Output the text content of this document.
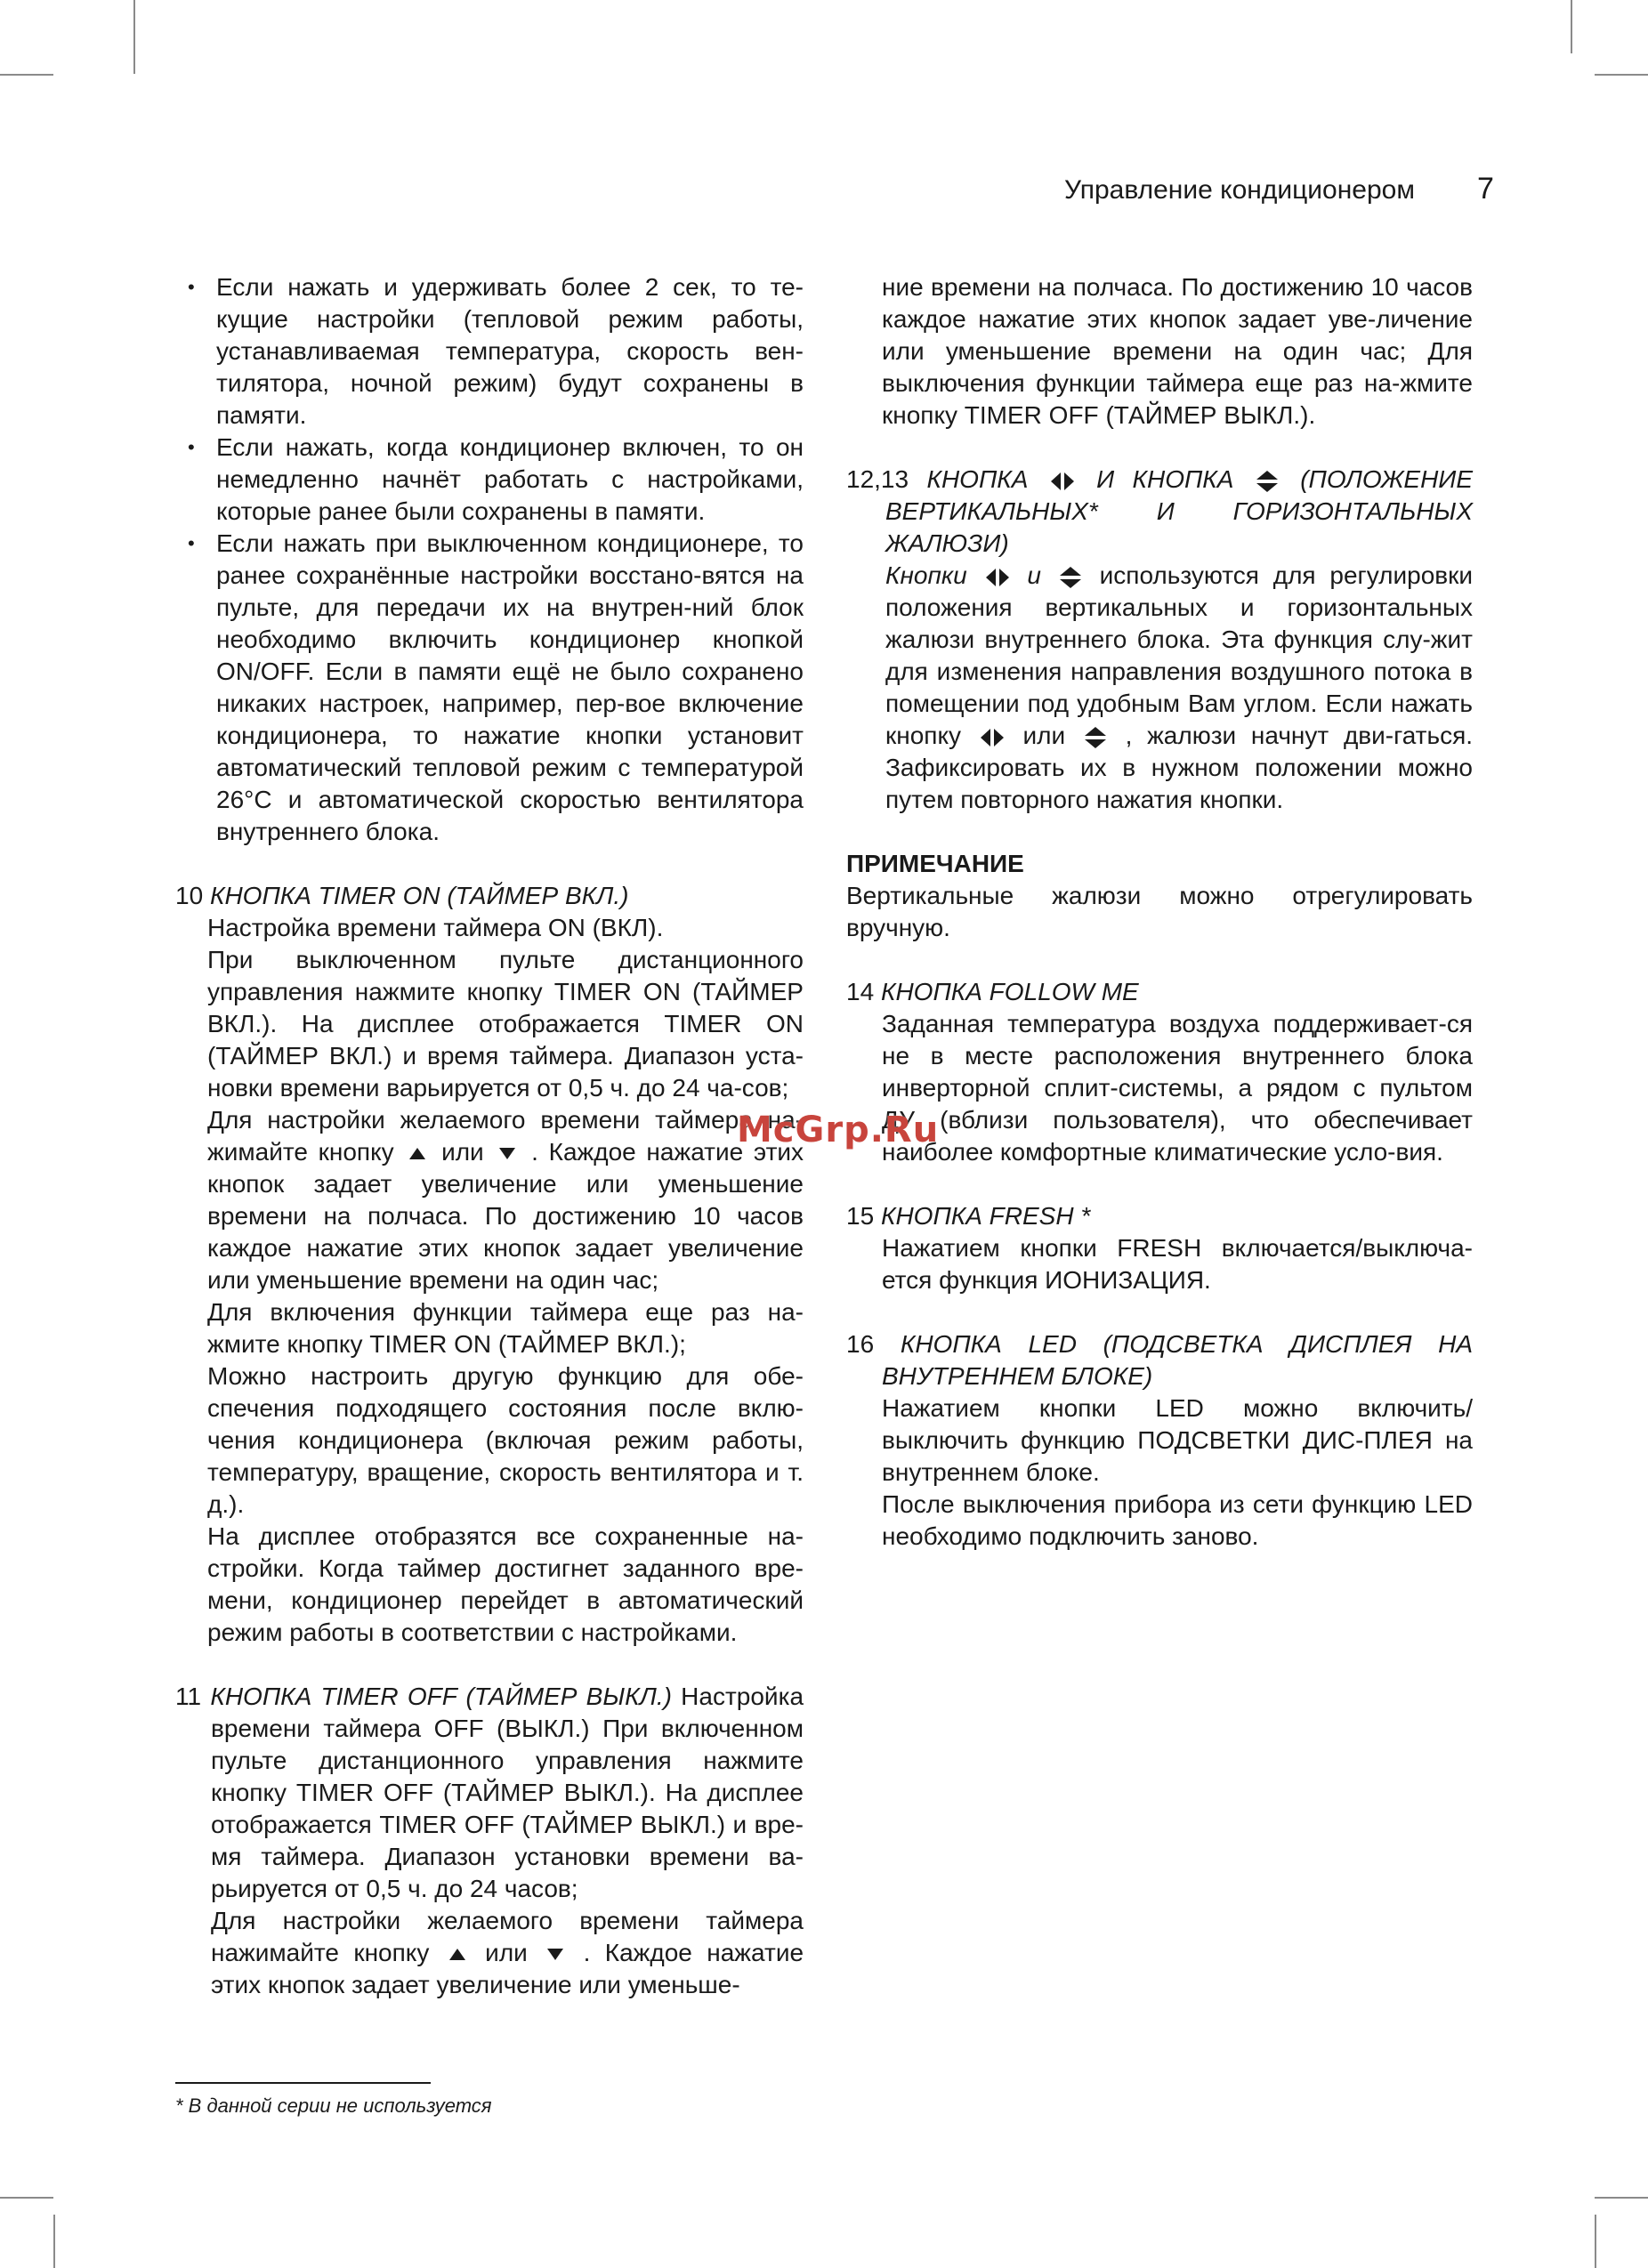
Управление кондиционером 7
• Если нажать и удерживать более 2 сек, то те-кущие настройки (тепловой режим работы, устанавливаемая температура, скорость вен-тилятора, ночной режим) будут сохранены в памяти.
• Если нажать, когда кондиционер включен, то он немедленно начнёт работать с настройками, которые ранее были сохранены в памяти.
• Если нажать при выключенном кондиционере, то ранее сохранённые настройки восстано-вятся на пульте, для передачи их на внутрен-ний блок необходимо включить кондиционер кнопкой ON/OFF. Если в памяти ещё не было сохранено никаких настроек, например, пер-вое включение кондиционера, то нажатие кнопки установит автоматический тепловой режим с температурой 26°C и автоматической скоростью вентилятора внутреннего блока.
10 КНОПКА TIMER ON (ТАЙМЕР ВКЛ.)

Настройка времени таймера ON (ВКЛ).

При выключенном пульте дистанционного управления нажмите кнопку TIMER ON (ТАЙМЕР ВКЛ.). На дисплее отображается TIMER ON (ТАЙМЕР ВКЛ.) и время таймера. Диапазон уста-новки времени варьируется от 0,5 ч. до 24 ча-сов;

Для настройки желаемого времени таймера на-жимайте кнопку или . Каждое нажатие этих кнопок задает увеличение или уменьшение времени на полчаса. По достижению 10 часов каждое нажатие этих кнопок задает увеличение или уменьшение времени на один час;

Для включения функции таймера еще раз на-жмите кнопку TIMER ON (ТАЙМЕР ВКЛ.);

Можно настроить другую функцию для обе-спечения подходящего состояния после вклю-чения кондиционера (включая режим работы, температуру, вращение, скорость вентилятора и т. д.).

На дисплее отобразятся все сохраненные на-стройки. Когда таймер достигнет заданного вре-мени, кондиционер перейдет в автоматический режим работы в соответствии с настройками.

11 КНОПКА TIMER OFF (ТАЙМЕР ВЫКЛ.) Настройка времени таймера OFF (ВЫКЛ.) При включенном пульте дистанционного управления нажмите кнопку TIMER OFF (ТАЙМЕР ВЫКЛ.). На дисплее отображается TIMER OFF (ТАЙМЕР ВЫКЛ.) и вре-мя таймера. Диапазон установки времени ва-рьируется от 0,5 ч. до 24 часов;

Для настройки желаемого времени таймера нажимайте кнопку или . Каждое нажатие этих кнопок задает увеличение или уменьше-

ние времени на полчаса. По достижению 10 часов каждое нажатие этих кнопок задает уве-личение или уменьшение времени на один час; Для выключения функции таймера еще раз на-жмите кнопку TIMER OFF (ТАЙМЕР ВЫКЛ.).

12,13 КНОПКА	И КНОПКА	(ПОЛОЖЕНИЕ ВЕРТИКАЛЬНЫХ* И ГОРИЗОНТАЛЬНЫХ ЖАЛЮЗИ)

Кнопки и используются для регулировки положения вертикальных и горизонтальных жалюзи внутреннего блока. Эта функция слу-жит для изменения направления воздушного потока в помещении под удобным Вам углом. Если нажать кнопку или , жалюзи начнут дви-гаться. Зафиксировать их в нужном положении можно путем повторного нажатия кнопки.

ПРИМЕЧАНИЕ

Вертикальные жалюзи можно отрегулировать вручную.

14 КНОПКА FOLLOW ME

Заданная температура воздуха поддерживает-ся не в месте расположения внутреннего блока инверторной сплит-системы, а рядом с пультом ДУ (вблизи пользователя), что обеспечивает наиболее комфортные климатические усло-вия.

15 КНОПКА FRESH *

Нажатием кнопки FRESH включается/выключа-ется функция ИОНИЗАЦИЯ.

16 КНОПКА LED (ПОДСВЕТКА ДИСПЛЕЯ НА ВНУТРЕННЕМ БЛОКЕ)

Нажатием кнопки LED можно включить/ выключить функцию ПОДСВЕТКИ ДИС-ПЛЕЯ на внутреннем блоке.

После выключения прибора из сети функцию LED необходимо подключить заново.

* В данной серии не используется
McGrp.Ru
